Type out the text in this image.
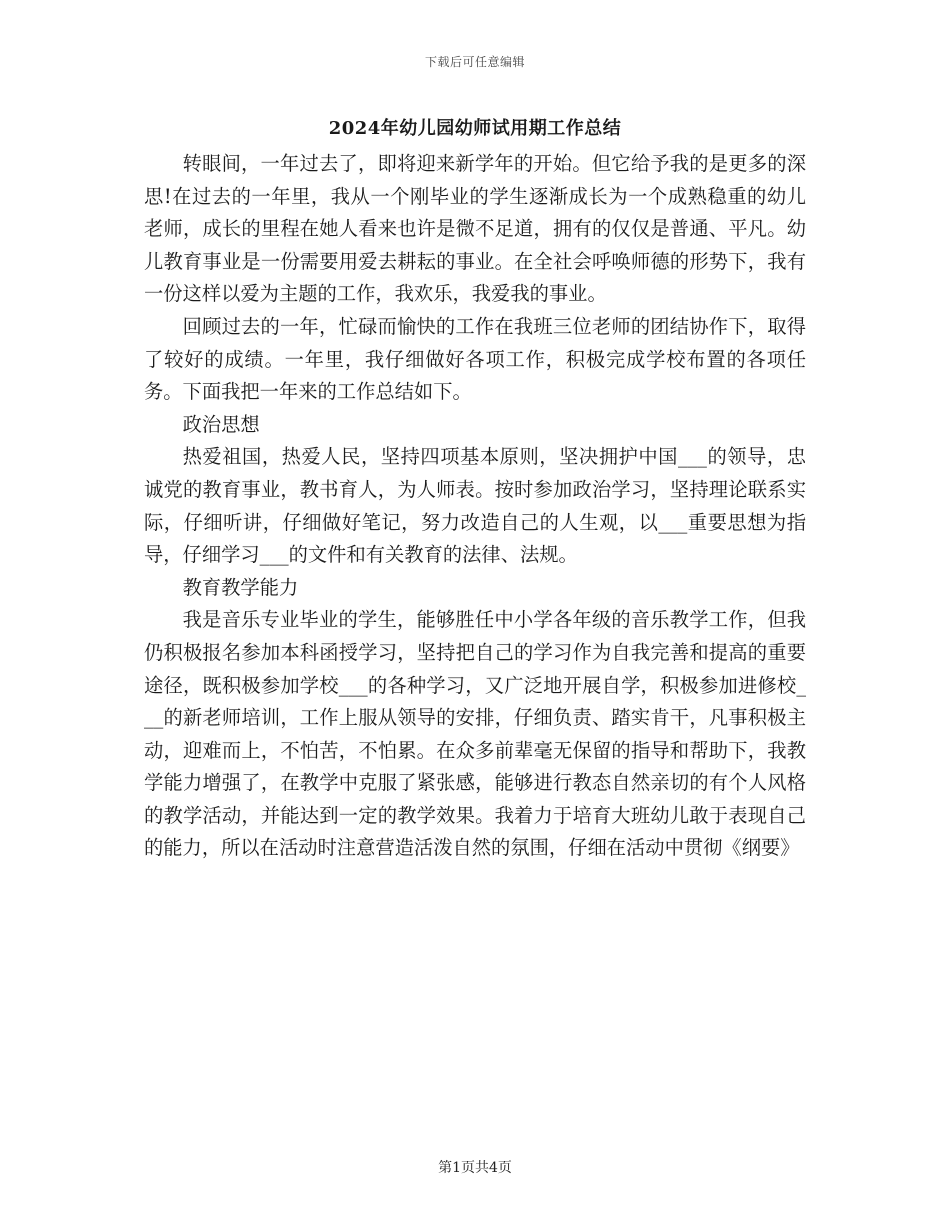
下载后可任意编辑
2024年幼儿园幼师试用期工作总结

转眼间，一年过去了，即将迎来新学年的开始。但它给予我的是更多的深思!在过去的一年里，我从一个刚毕业的学生逐渐成长为一个成熟稳重的幼儿老师，成长的里程在她人看来也许是微不足道，拥有的仅仅是普通、平凡。幼儿教育事业是一份需要用爱去耕耘的事业。在全社会呼唤师德的形势下，我有一份这样以爱为主题的工作，我欢乐，我爱我的事业。

回顾过去的一年，忙碌而愉快的工作在我班三位老师的团结协作下，取得了较好的成绩。一年里，我仔细做好各项工作，积极完成学校布置的各项任务。下面我把一年来的工作总结如下。

政治思想

热爱祖国，热爱人民，坚持四项基本原则，坚决拥护中国___的领导，忠诚党的教育事业，教书育人，为人师表。按时参加政治学习，坚持理论联系实际，仔细听讲，仔细做好笔记，努力改造自己的人生观，以___重要思想为指导，仔细学习___的文件和有关教育的法律、法规。

教育教学能力

我是音乐专业毕业的学生，能够胜任中小学各年级的音乐教学工作，但我仍积极报名参加本科函授学习，坚持把自己的学习作为自我完善和提高的重要途径，既积极参加学校___的各种学习，又广泛地开展自学，积极参加进修校___的新老师培训，工作上服从领导的安排，仔细负责、踏实肯干，凡事积极主动，迎难而上，不怕苦，不怕累。在众多前辈毫无保留的指导和帮助下，我教学能力增强了，在教学中克服了紧张感，能够进行教态自然亲切的有个人风格的教学活动，并能达到一定的教学效果。我着力于培育大班幼儿敢于表现自己的能力，所以在活动时注意营造活泼自然的氛围，仔细在活动中贯彻《纲要》

第1页共4页
